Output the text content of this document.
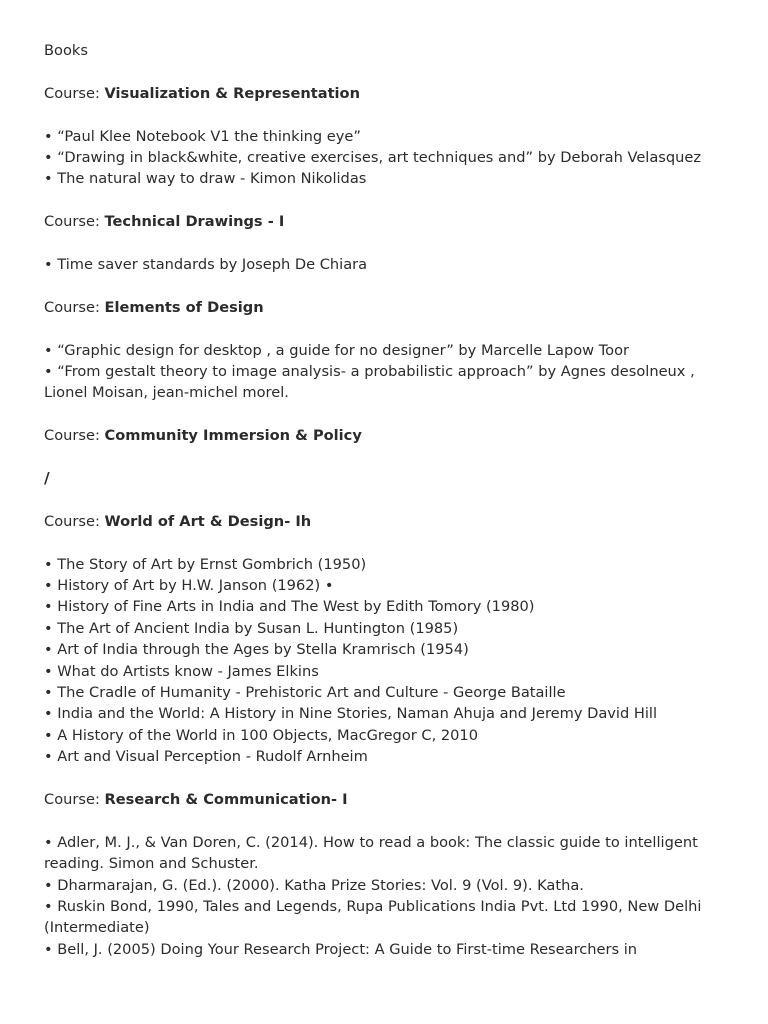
Books
Course: Visualization & Representation
• “Paul Klee Notebook V1 the thinking eye”
• “Drawing in black&white, creative exercises, art techniques and” by Deborah Velasquez
• The natural way to draw - Kimon Nikolidas
Course: Technical Drawings - I
• Time saver standards by Joseph De Chiara
Course: Elements of Design
• “Graphic design for desktop , a guide for no designer” by Marcelle Lapow Toor
• “From gestalt theory to image analysis- a probabilistic approach” by Agnes desolneux , Lionel Moisan, jean-michel morel.
Course: Community Immersion & Policy
/
Course: World of Art & Design- Ih
• The Story of Art by Ernst Gombrich (1950)
• History of Art by H.W. Janson (1962) •
• History of Fine Arts in India and The West by Edith Tomory (1980)
• The Art of Ancient India by Susan L. Huntington (1985)
• Art of India through the Ages by Stella Kramrisch (1954)
• What do Artists know - James Elkins
• The Cradle of Humanity - Prehistoric Art and Culture - George Bataille
• India and the World: A History in Nine Stories, Naman Ahuja and Jeremy David Hill
• A History of the World in 100 Objects, MacGregor C, 2010
• Art and Visual Perception - Rudolf Arnheim
Course: Research & Communication- I
• Adler, M. J., & Van Doren, C. (2014). How to read a book: The classic guide to intelligent reading. Simon and Schuster.
• Dharmarajan, G. (Ed.). (2000). Katha Prize Stories: Vol. 9 (Vol. 9). Katha.
• Ruskin Bond, 1990, Tales and Legends, Rupa Publications India Pvt. Ltd 1990, New Delhi (Intermediate)
• Bell, J. (2005) Doing Your Research Project: A Guide to First-time Researchers in
